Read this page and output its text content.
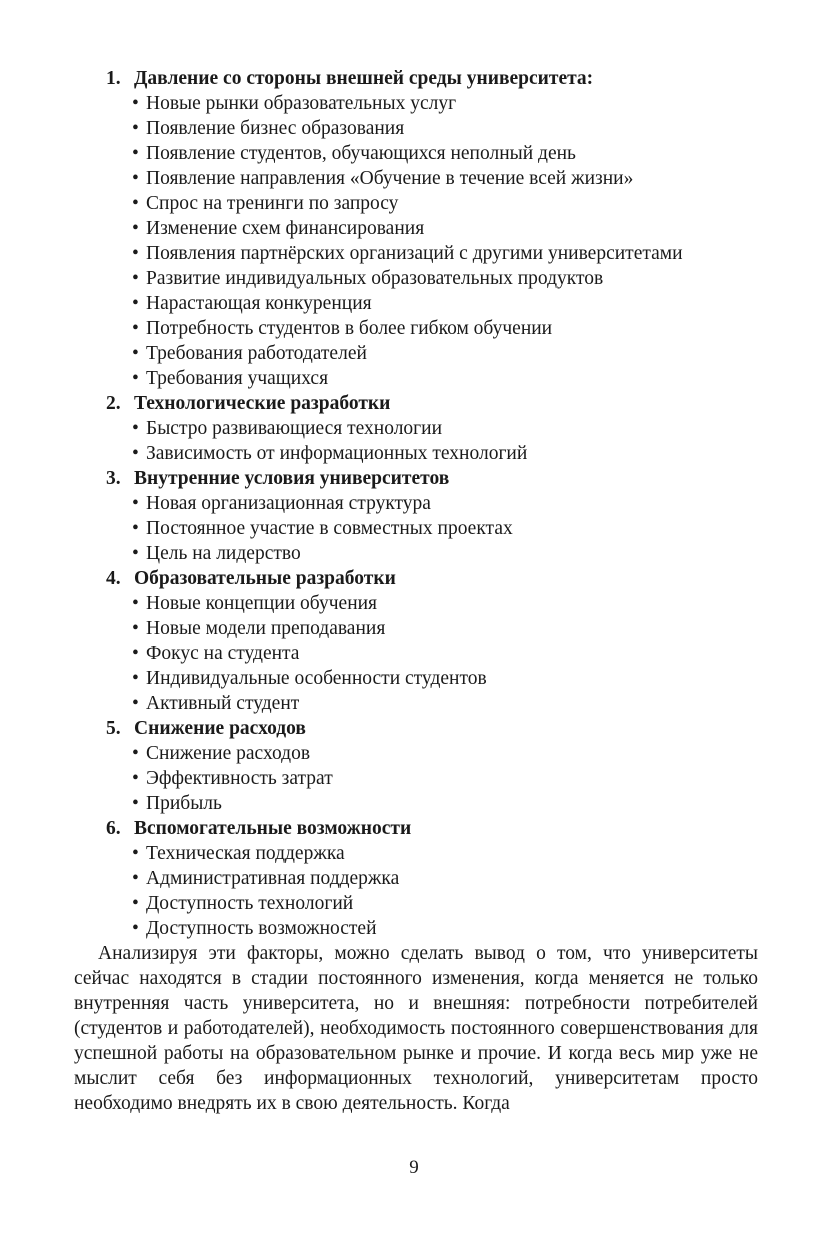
1. Давление со стороны внешней среды университета:
• Новые рынки образовательных услуг
• Появление бизнес образования
• Появление студентов, обучающихся неполный день
• Появление направления «Обучение в течение всей жизни»
• Спрос на тренинги по запросу
• Изменение схем финансирования
• Появления партнёрских организаций с другими университетами
• Развитие индивидуальных образовательных продуктов
• Нарастающая конкуренция
• Потребность студентов в более гибком обучении
• Требования работодателей
• Требования учащихся
2. Технологические разработки
• Быстро развивающиеся технологии
• Зависимость от информационных технологий
3. Внутренние условия университетов
• Новая организационная структура
• Постоянное участие в совместных проектах
• Цель на лидерство
4. Образовательные разработки
• Новые концепции обучения
• Новые модели преподавания
• Фокус на студента
• Индивидуальные особенности студентов
• Активный студент
5. Снижение расходов
• Снижение расходов
• Эффективность затрат
• Прибыль
6. Вспомогательные возможности
• Техническая поддержка
• Административная поддержка
• Доступность технологий
• Доступность возможностей

Анализируя эти факторы, можно сделать вывод о том, что университеты сейчас находятся в стадии постоянного изменения, когда меняется не только внутренняя часть университета, но и внешняя: потребности потребителей (студентов и работодателей), необходимость постоянного совершенствования для успешной работы на образовательном рынке и прочие. И когда весь мир уже не мыслит себя без информационных технологий, университетам просто необходимо внедрять их в свою деятельность. Когда

9
